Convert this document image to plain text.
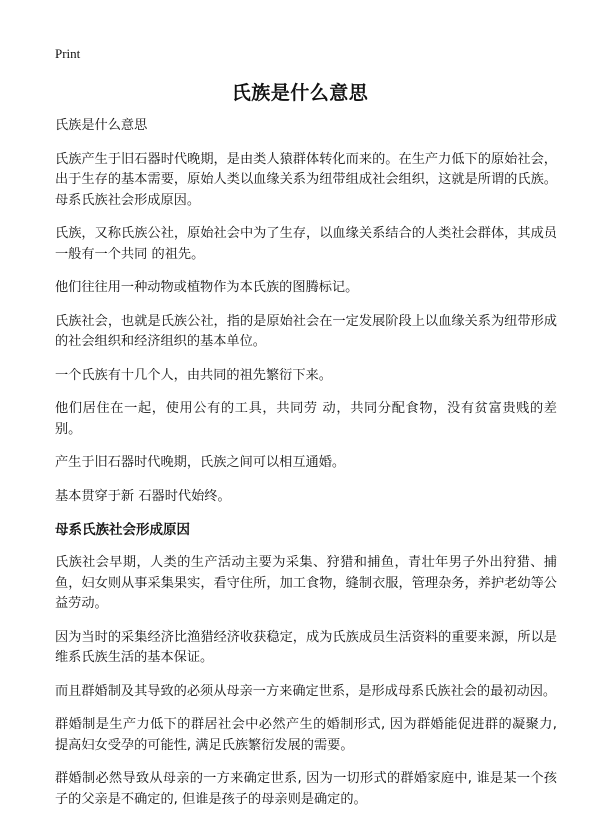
Print
氏族是什么意思

氏族是什么意思

氏族产生于旧石器时代晚期，是由类人猿群体转化而来的。在生产力低下的原始社会，出于生存的基本需要，原始人类以血缘关系为纽带组成社会组织，这就是所谓的氏族。母系氏族社会形成原因。

氏族，又称氏族公社，原始社会中为了生存，以血缘关系结合的人类社会群体，其成员一般有一个共同 的祖先。

他们往往用一种动物或植物作为本氏族的图腾标记。

氏族社会，也就是氏族公社，指的是原始社会在一定发展阶段上以血缘关系为纽带形成的社会组织和经济组织的基本单位。

一个氏族有十几个人，由共同的祖先繁衍下来。

他们居住在一起，使用公有的工具，共同劳 动，共同分配食物，没有贫富贵贱的差别。

产生于旧石器时代晚期，氏族之间可以相互通婚。

基本贯穿于新 石器时代始终。

母系氏族社会形成原因

氏族社会早期，人类的生产活动主要为采集、狩猎和捕鱼，青壮年男子外出狩猎、捕鱼，妇女则从事采集果实，看守住所，加工食物，缝制衣服，管理杂务，养护老幼等公益劳动。

因为当时的采集经济比渔猎经济收获稳定，成为氏族成员生活资料的重要来源，所以是维系氏族生活的基本保证。

而且群婚制及其导致的必须从母亲一方来确定世系，是形成母系氏族社会的最初动因。

群婚制是生产力低下的群居社会中必然产生的婚制形式, 因为群婚能促进群的凝聚力, 提高妇女受孕的可能性, 满足氏族繁衍发展的需要。

群婚制必然导致从母亲的一方来确定世系, 因为一切形式的群婚家庭中, 谁是某一个孩子的父亲是不确定的, 但谁是孩子的母亲则是确定的。
